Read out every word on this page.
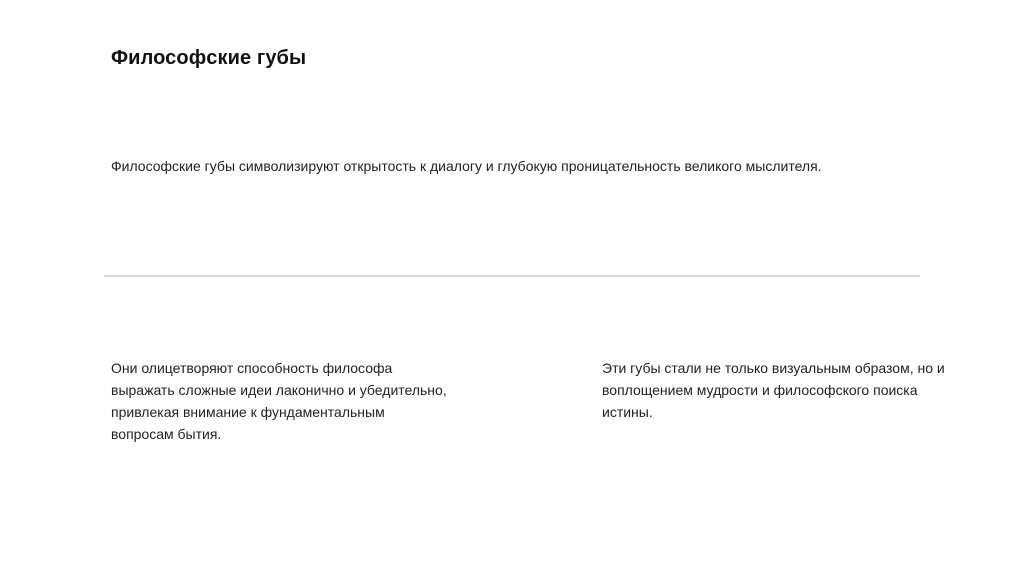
Философские губы
Философские губы символизируют открытость к диалогу и глубокую проницательность великого мыслителя.
Они олицетворяют способность философа
выражать сложные идеи лаконично и убедительно,
привлекая внимание к фундаментальным
вопросам бытия.
Эти губы стали не только визуальным образом, но и
воплощением мудрости и философского поиска
истины.
